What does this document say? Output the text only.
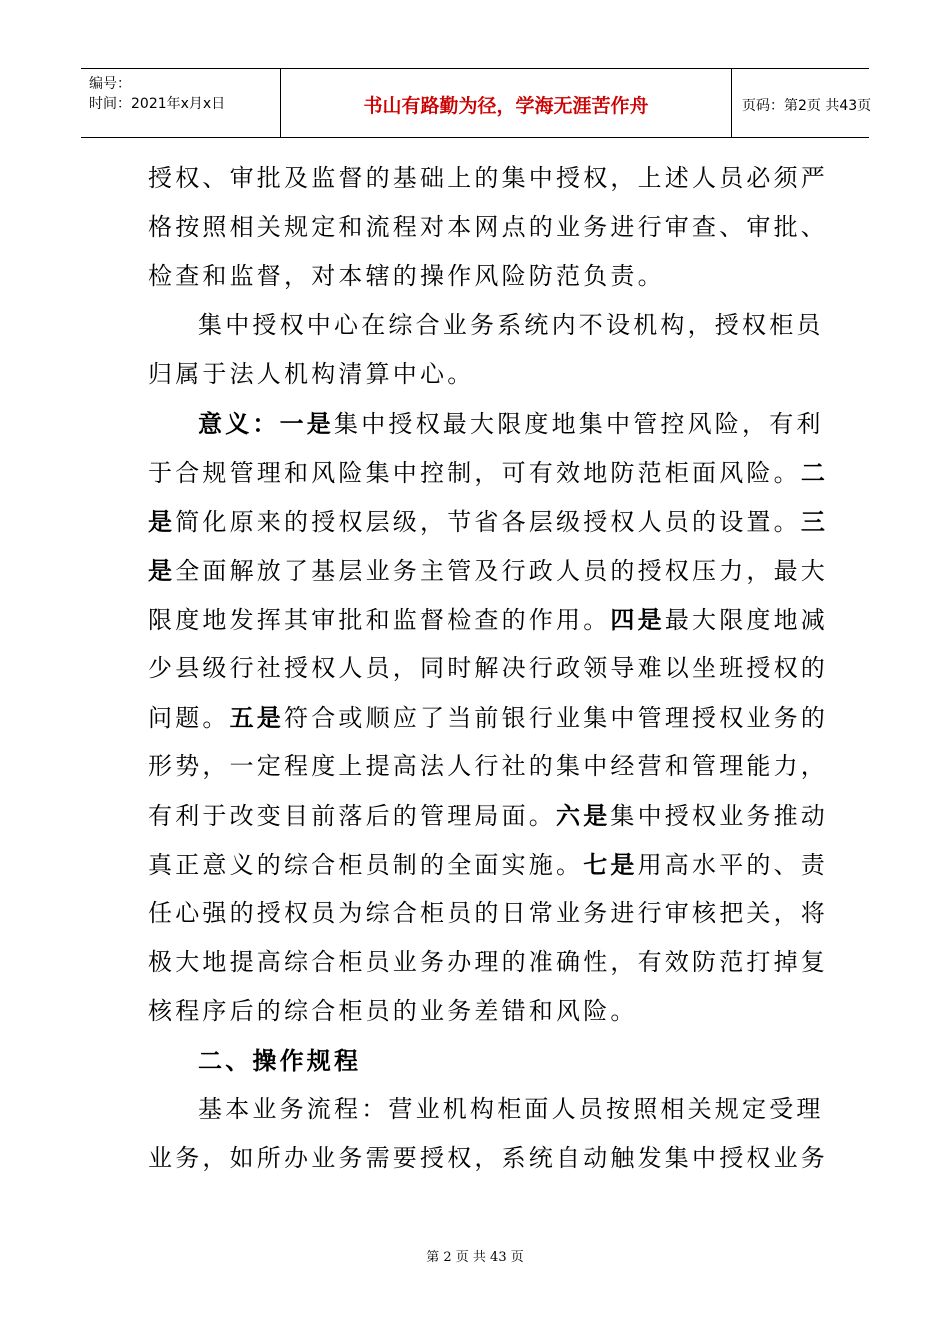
编号：
时间：2021年x月x日	书山有路勤为径，学海无涯苦作舟	页码：第2页 共43页
授权、审批及监督的基础上的集中授权，上述人员必须严
格按照相关规定和流程对本网点的业务进行审查、审批、
检查和监督，对本辖的操作风险防范负责。
集中授权中心在综合业务系统内不设机构，授权柜员
归属于法人机构清算中心。
意义：一是集中授权最大限度地集中管控风险，有利
于合规管理和风险集中控制，可有效地防范柜面风险。二
是简化原来的授权层级，节省各层级授权人员的设置。三
是全面解放了基层业务主管及行政人员的授权压力，最大
限度地发挥其审批和监督检查的作用。四是最大限度地减
少县级行社授权人员，同时解决行政领导难以坐班授权的
问题。五是符合或顺应了当前银行业集中管理授权业务的
形势，一定程度上提高法人行社的集中经营和管理能力，
有利于改变目前落后的管理局面。六是集中授权业务推动
真正意义的综合柜员制的全面实施。七是用高水平的、责
任心强的授权员为综合柜员的日常业务进行审核把关，将
极大地提高综合柜员业务办理的准确性，有效防范打掉复
核程序后的综合柜员的业务差错和风险。
二、操作规程
基本业务流程：营业机构柜面人员按照相关规定受理
业务，如所办业务需要授权，系统自动触发集中授权业务
第 2 页 共 43 页
